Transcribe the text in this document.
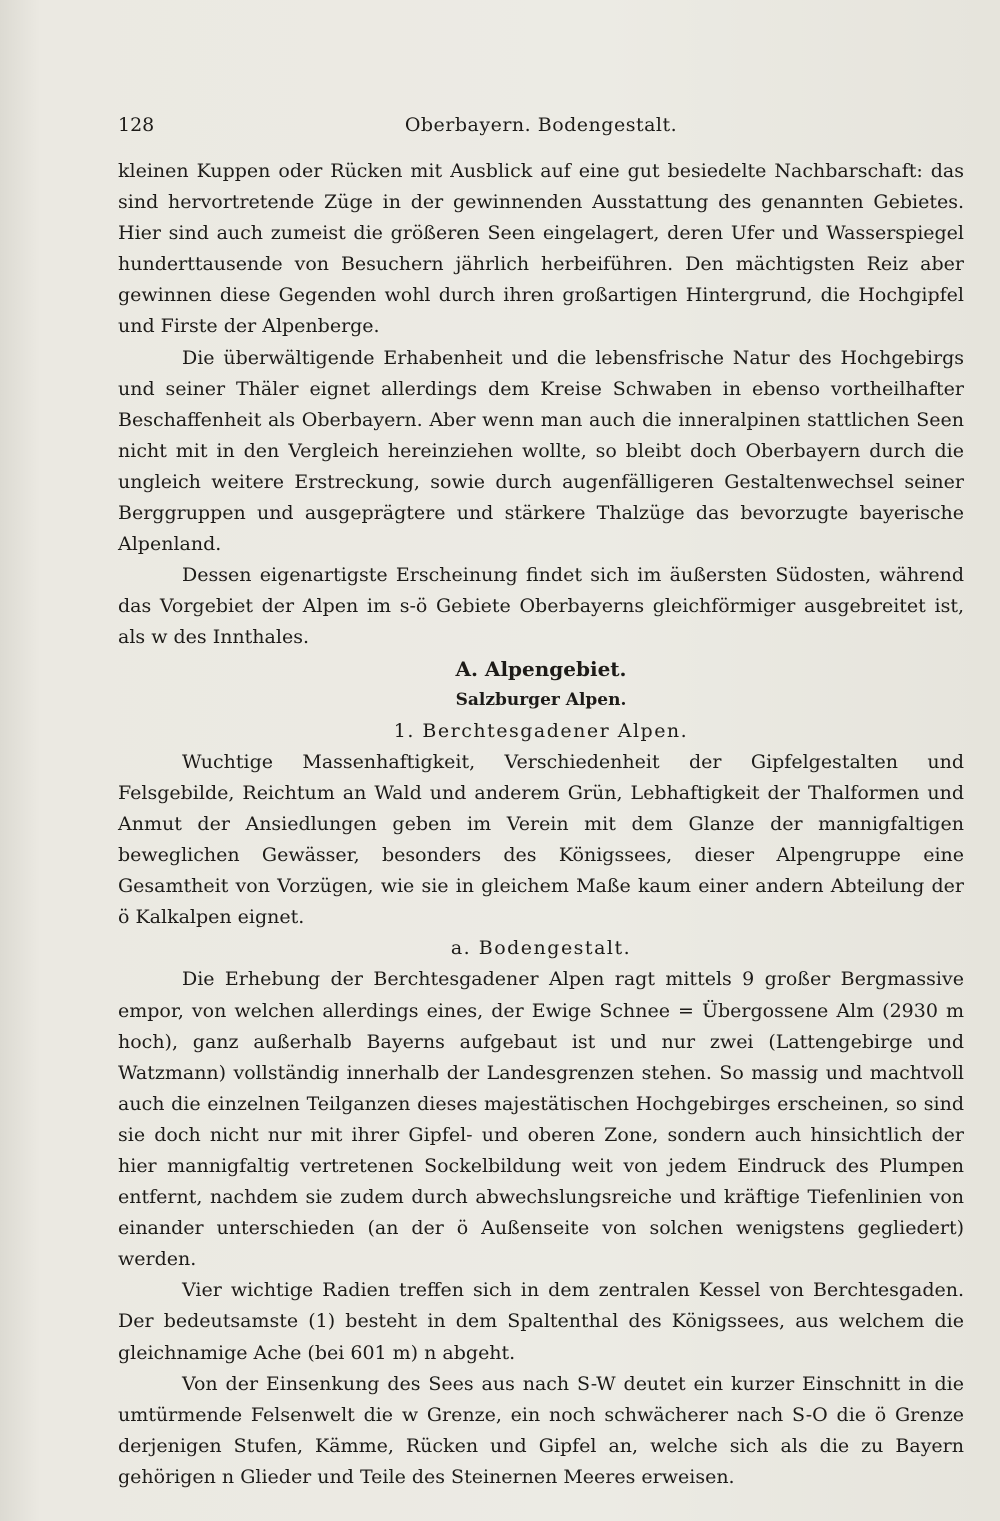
128	Oberbayern. Bodengestalt.

kleinen Kuppen oder Rücken mit Ausblick auf eine gut besiedelte Nachbarschaft: das sind hervortretende Züge in der gewinnenden Ausstattung des genannten Gebietes. Hier sind auch zumeist die größeren Seen eingelagert, deren Ufer und Wasserspiegel hunderttausende von Besuchern jährlich herbeiführen. Den mächtigsten Reiz aber gewinnen diese Gegenden wohl durch ihren großartigen Hintergrund, die Hochgipfel und Firste der Alpenberge.

Die überwältigende Erhabenheit und die lebensfrische Natur des Hochgebirgs und seiner Thäler eignet allerdings dem Kreise Schwaben in ebenso vortheilhafter Beschaffenheit als Oberbayern. Aber wenn man auch die inneralpinen stattlichen Seen nicht mit in den Vergleich hereinziehen wollte, so bleibt doch Oberbayern durch die ungleich weitere Erstreckung, sowie durch augenfälligeren Gestaltenwechsel seiner Berggruppen und ausgeprägtere und stärkere Thalzüge das bevorzugte bayerische Alpenland.

Dessen eigenartigste Erscheinung findet sich im äußersten Südosten, während das Vorgebiet der Alpen im s-ö Gebiete Oberbayerns gleichförmiger ausgebreitet ist, als w des Innthales.

A. Alpengebiet.

Salzburger Alpen.

1. Berchtesgadener Alpen.

Wuchtige Massenhaftigkeit, Verschiedenheit der Gipfelgestalten und Felsgebilde, Reichtum an Wald und anderem Grün, Lebhaftigkeit der Thalformen und Anmut der Ansiedlungen geben im Verein mit dem Glanze der mannigfaltigen beweglichen Gewässer, besonders des Königssees, dieser Alpengruppe eine Gesamtheit von Vorzügen, wie sie in gleichem Maße kaum einer andern Abteilung der ö Kalkalpen eignet.

a. Bodengestalt.

Die Erhebung der Berchtesgadener Alpen ragt mittels 9 großer Bergmassive empor, von welchen allerdings eines, der Ewige Schnee = Übergossene Alm (2930 m hoch), ganz außerhalb Bayerns aufgebaut ist und nur zwei (Lattengebirge und Watzmann) vollständig innerhalb der Landesgrenzen stehen. So massig und machtvoll auch die einzelnen Teilganzen dieses majestätischen Hochgebirges erscheinen, so sind sie doch nicht nur mit ihrer Gipfel- und oberen Zone, sondern auch hinsichtlich der hier mannigfaltig vertretenen Sockelbildung weit von jedem Eindruck des Plumpen entfernt, nachdem sie zudem durch abwechslungsreiche und kräftige Tiefenlinien von einander unterschieden (an der ö Außenseite von solchen wenigstens gegliedert) werden.

Vier wichtige Radien treffen sich in dem zentralen Kessel von Berchtesgaden. Der bedeutsamste (1) besteht in dem Spaltenthal des Königssees, aus welchem die gleichnamige Ache (bei 601 m) n abgeht.

Von der Einsenkung des Sees aus nach S-W deutet ein kurzer Einschnitt in die umtürmende Felsenwelt die w Grenze, ein noch schwächerer nach S-O die ö Grenze derjenigen Stufen, Kämme, Rücken und Gipfel an, welche sich als die zu Bayern gehörigen n Glieder und Teile des Steinernen Meeres erweisen.
